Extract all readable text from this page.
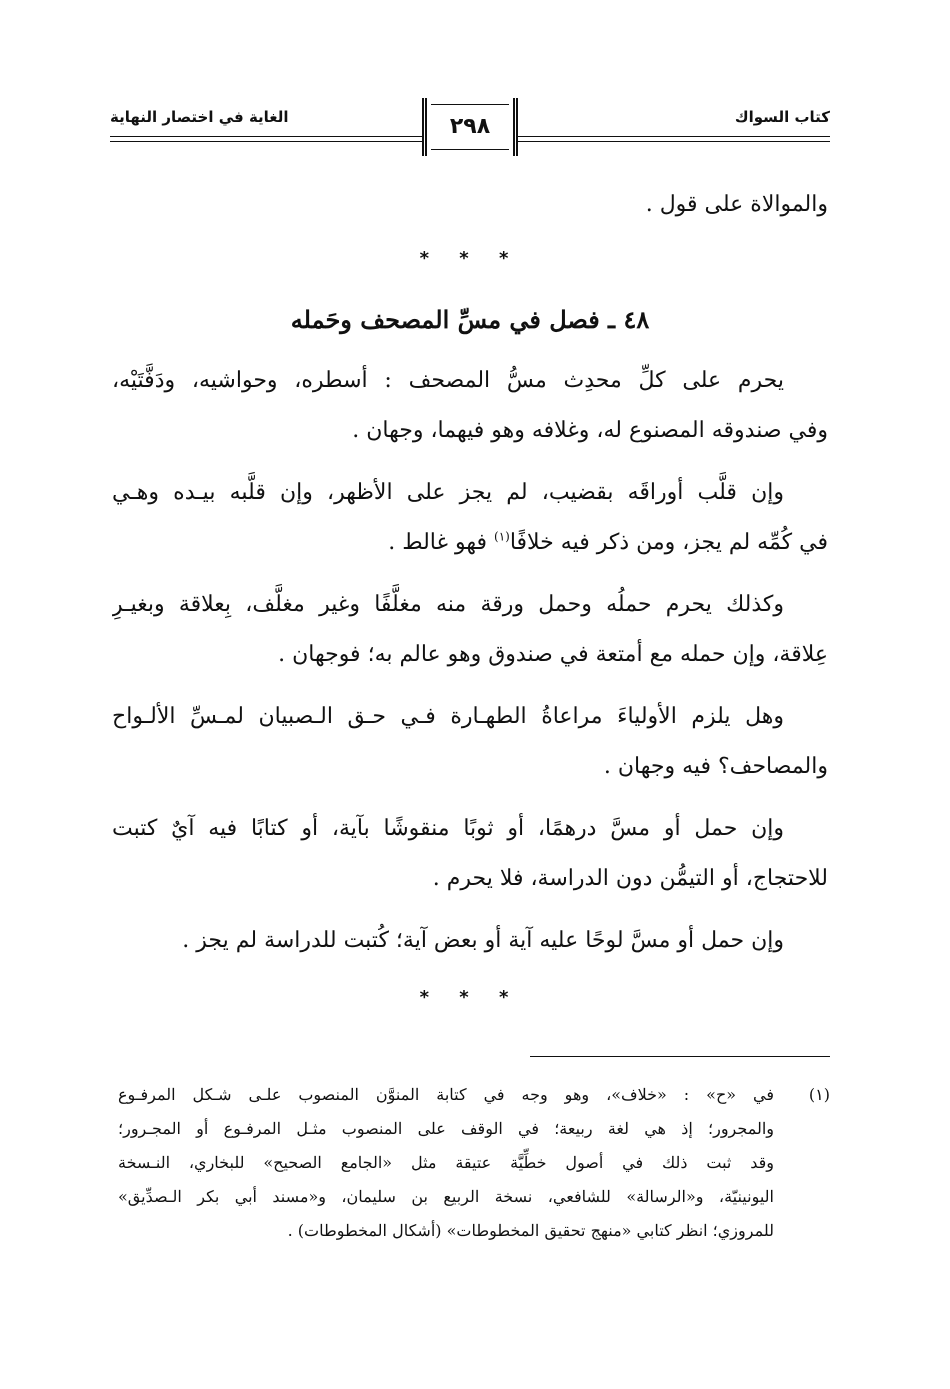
كتاب السواك
الغاية في اختصار النهاية	٢٩٨

والموالاة على قول .

* * *
٤٨ ـ فصل في مسِّ المصحف وحَمله

يحرم على كلِّ محدِث مسُّ المصحف : أسطره، وحواشيه، ودَفَّتَيْه،

وفي صندوقه المصنوع له، وغلافه وهو فيهما، وجهان .

وإن قلَّب أوراقَه بقضيب، لم يجز على الأظهر، وإن قلَّبه بيـده وهـي

في كُمِّه لم يجز، ومن ذكر فيه خلافًا$^{(١)}$ فهو غالط .

وكذلك يحرم حملُه وحمل ورقة منه مغلَّفًا وغير مغلَّف، بِعلاقة وبغيـرِ

عِلاقة، وإن حمله مع أمتعة في صندوق وهو عالم به؛ فوجهان .

وهل يلزم الأولياءَ مراعاةُ الطهـارة فـي حـق الـصبيان لمـسِّ الألـواح

والمصاحف؟ فيه وجهان .

وإن حمل أو مسَّ درهمًا، أو ثوبًا منقوشًا بآية، أو كتابًا فيه آيٌ كتبت

للاحتجاج، أو التيمُّن دون الدراسة، فلا يحرم .

وإن حمل أو مسَّ لوحًا عليه آية أو بعض آية؛ كُتبت للدراسة لم يجز .

* * *
(١)

في «ح» : «خلاف»، وهو وجه في كتابة المنوَّن المنصوب علـى شـكل المرفـوع

والمجرور؛ إذ هي لغة ربيعة؛ في الوقف على المنصوب مثـل المرفـوع أو المجـرور؛

وقد ثبت ذلك في أصول خطِّيَّة عتيقة مثل «الجامع الصحيح» للبخاري، النـسخة

اليونينيّة، و«الرسالة» للشافعي، نسخة الربيع بن سليمان، و«مسند أبي بكر الـصدِّيق»

للمروزي؛ انظر كتابي «منهج تحقيق المخطوطات» (أشكال المخطوطات) .
